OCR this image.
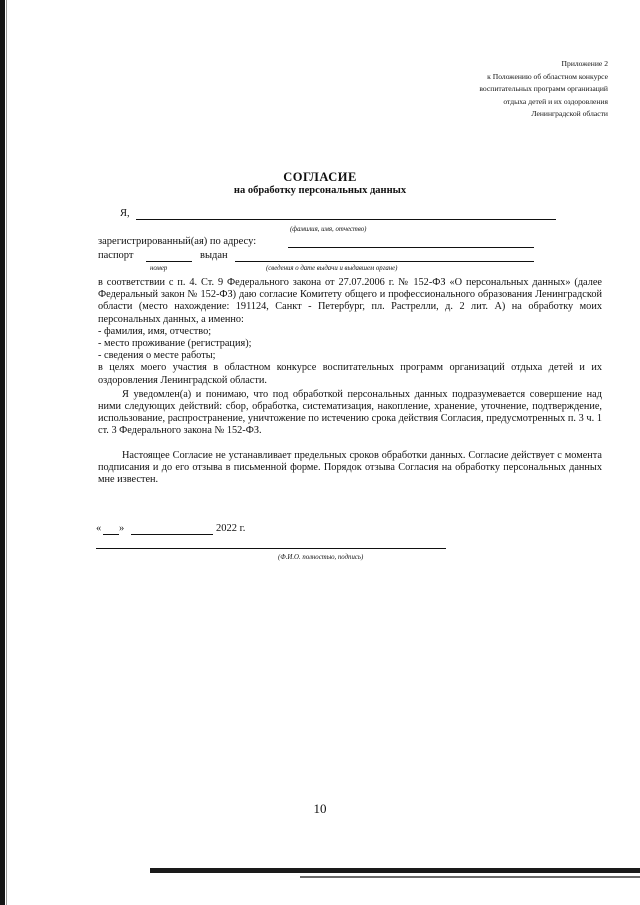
Приложение 2
к Положению об областном конкурсе
воспитательных программ организаций
отдыха детей и их оздоровления
Ленинградской области
СОГЛАСИЕ
на обработку персональных данных
Я,
(фамилия, имя, отчество)
зарегистрированный(ая) по адресу:
паспорт	выдан
номер	(сведения о дате выдачи и выдавшем органе)

в соответствии с п. 4. Ст. 9 Федерального закона от 27.07.2006 г. № 152-ФЗ «О персональных данных» (далее Федеральный закон № 152-ФЗ) даю согласие Комитету общего и профессионального образования Ленинградской области (место нахождение: 191124, Санкт - Петербург, пл. Растрелли, д. 2 лит. А) на обработку моих персональных данных, а именно:

- фамилия, имя, отчество;

- место проживание (регистрация);

- сведения о месте работы;

в целях моего участия в областном конкурсе воспитательных программ организаций отдыха детей и их оздоровления Ленинградской области.

Я уведомлен(а) и понимаю, что под обработкой персональных данных подразумевается совершение над ними следующих действий: сбор, обработка, систематизация, накопление, хранение, уточнение, подтверждение, использование, распространение, уничтожение по истечению срока действия Согласия, предусмотренных п. 3 ч. 1 ст. 3 Федерального закона № 152-ФЗ.

Настоящее Согласие не устанавливает предельных сроков обработки данных. Согласие действует с момента подписания и до его отзыва в письменной форме. Порядок отзыва Согласия на обработку персональных данных мне известен.

« »	2022 г.
(Ф.И.О. полностью, подпись)
10
